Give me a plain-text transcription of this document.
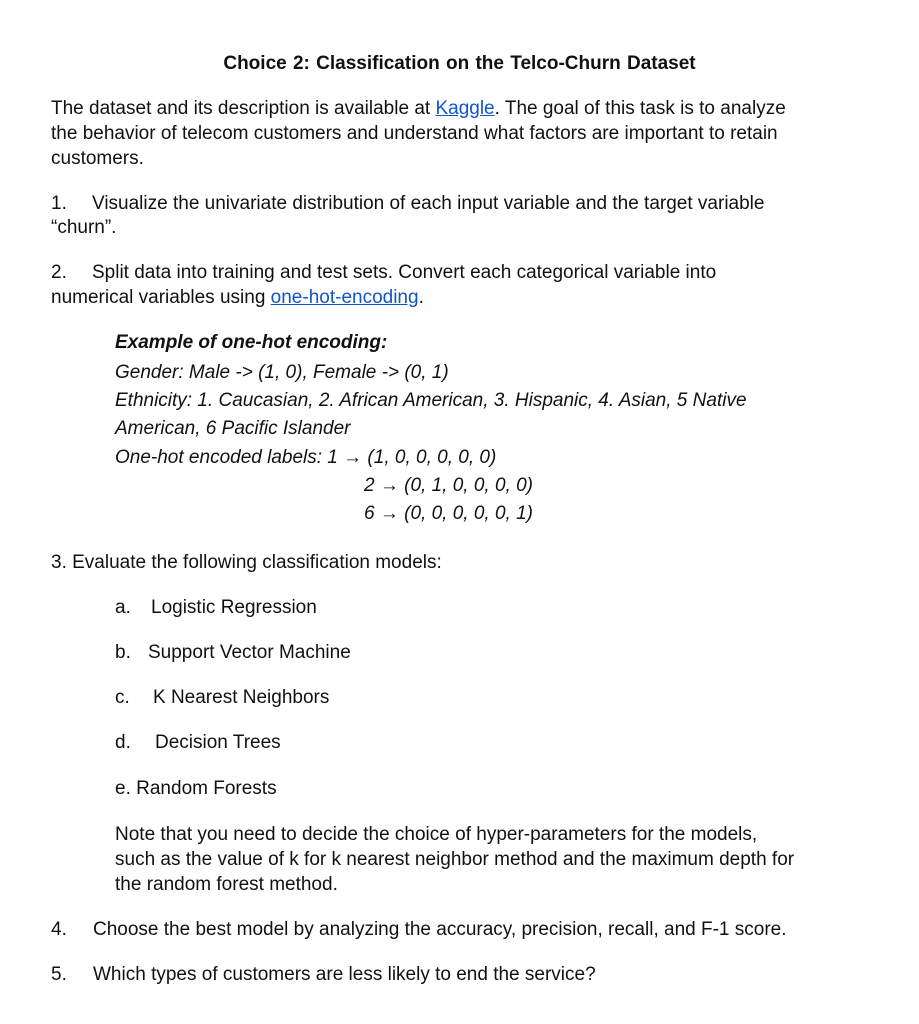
Choice 2: Classification on the Telco-Churn Dataset
The dataset and its description is available at Kaggle. The goal of this task is to analyze
the behavior of telecom customers and understand what factors are important to retain
customers.
1. Visualize the univariate distribution of each input variable and the target variable
“churn”.
2. Split data into training and test sets. Convert each categorical variable into
numerical variables using one-hot-encoding.
Example of one-hot encoding:
Gender: Male -> (1, 0), Female -> (0, 1)
Ethnicity: 1. Caucasian, 2. African American, 3. Hispanic, 4. Asian, 5 Native
American, 6 Pacific Islander
One-hot encoded labels: 1 → (1, 0, 0, 0, 0, 0)
2 → (0, 1, 0, 0, 0, 0)
6 → (0, 0, 0, 0, 0, 1)
3. Evaluate the following classification models:
a. Logistic Regression
b. Support Vector Machine
c. K Nearest Neighbors
d. Decision Trees
e. Random Forests
Note that you need to decide the choice of hyper-parameters for the models,
such as the value of k for k nearest neighbor method and the maximum depth for
the random forest method.
4. Choose the best model by analyzing the accuracy, precision, recall, and F-1 score.
5. Which types of customers are less likely to end the service?
